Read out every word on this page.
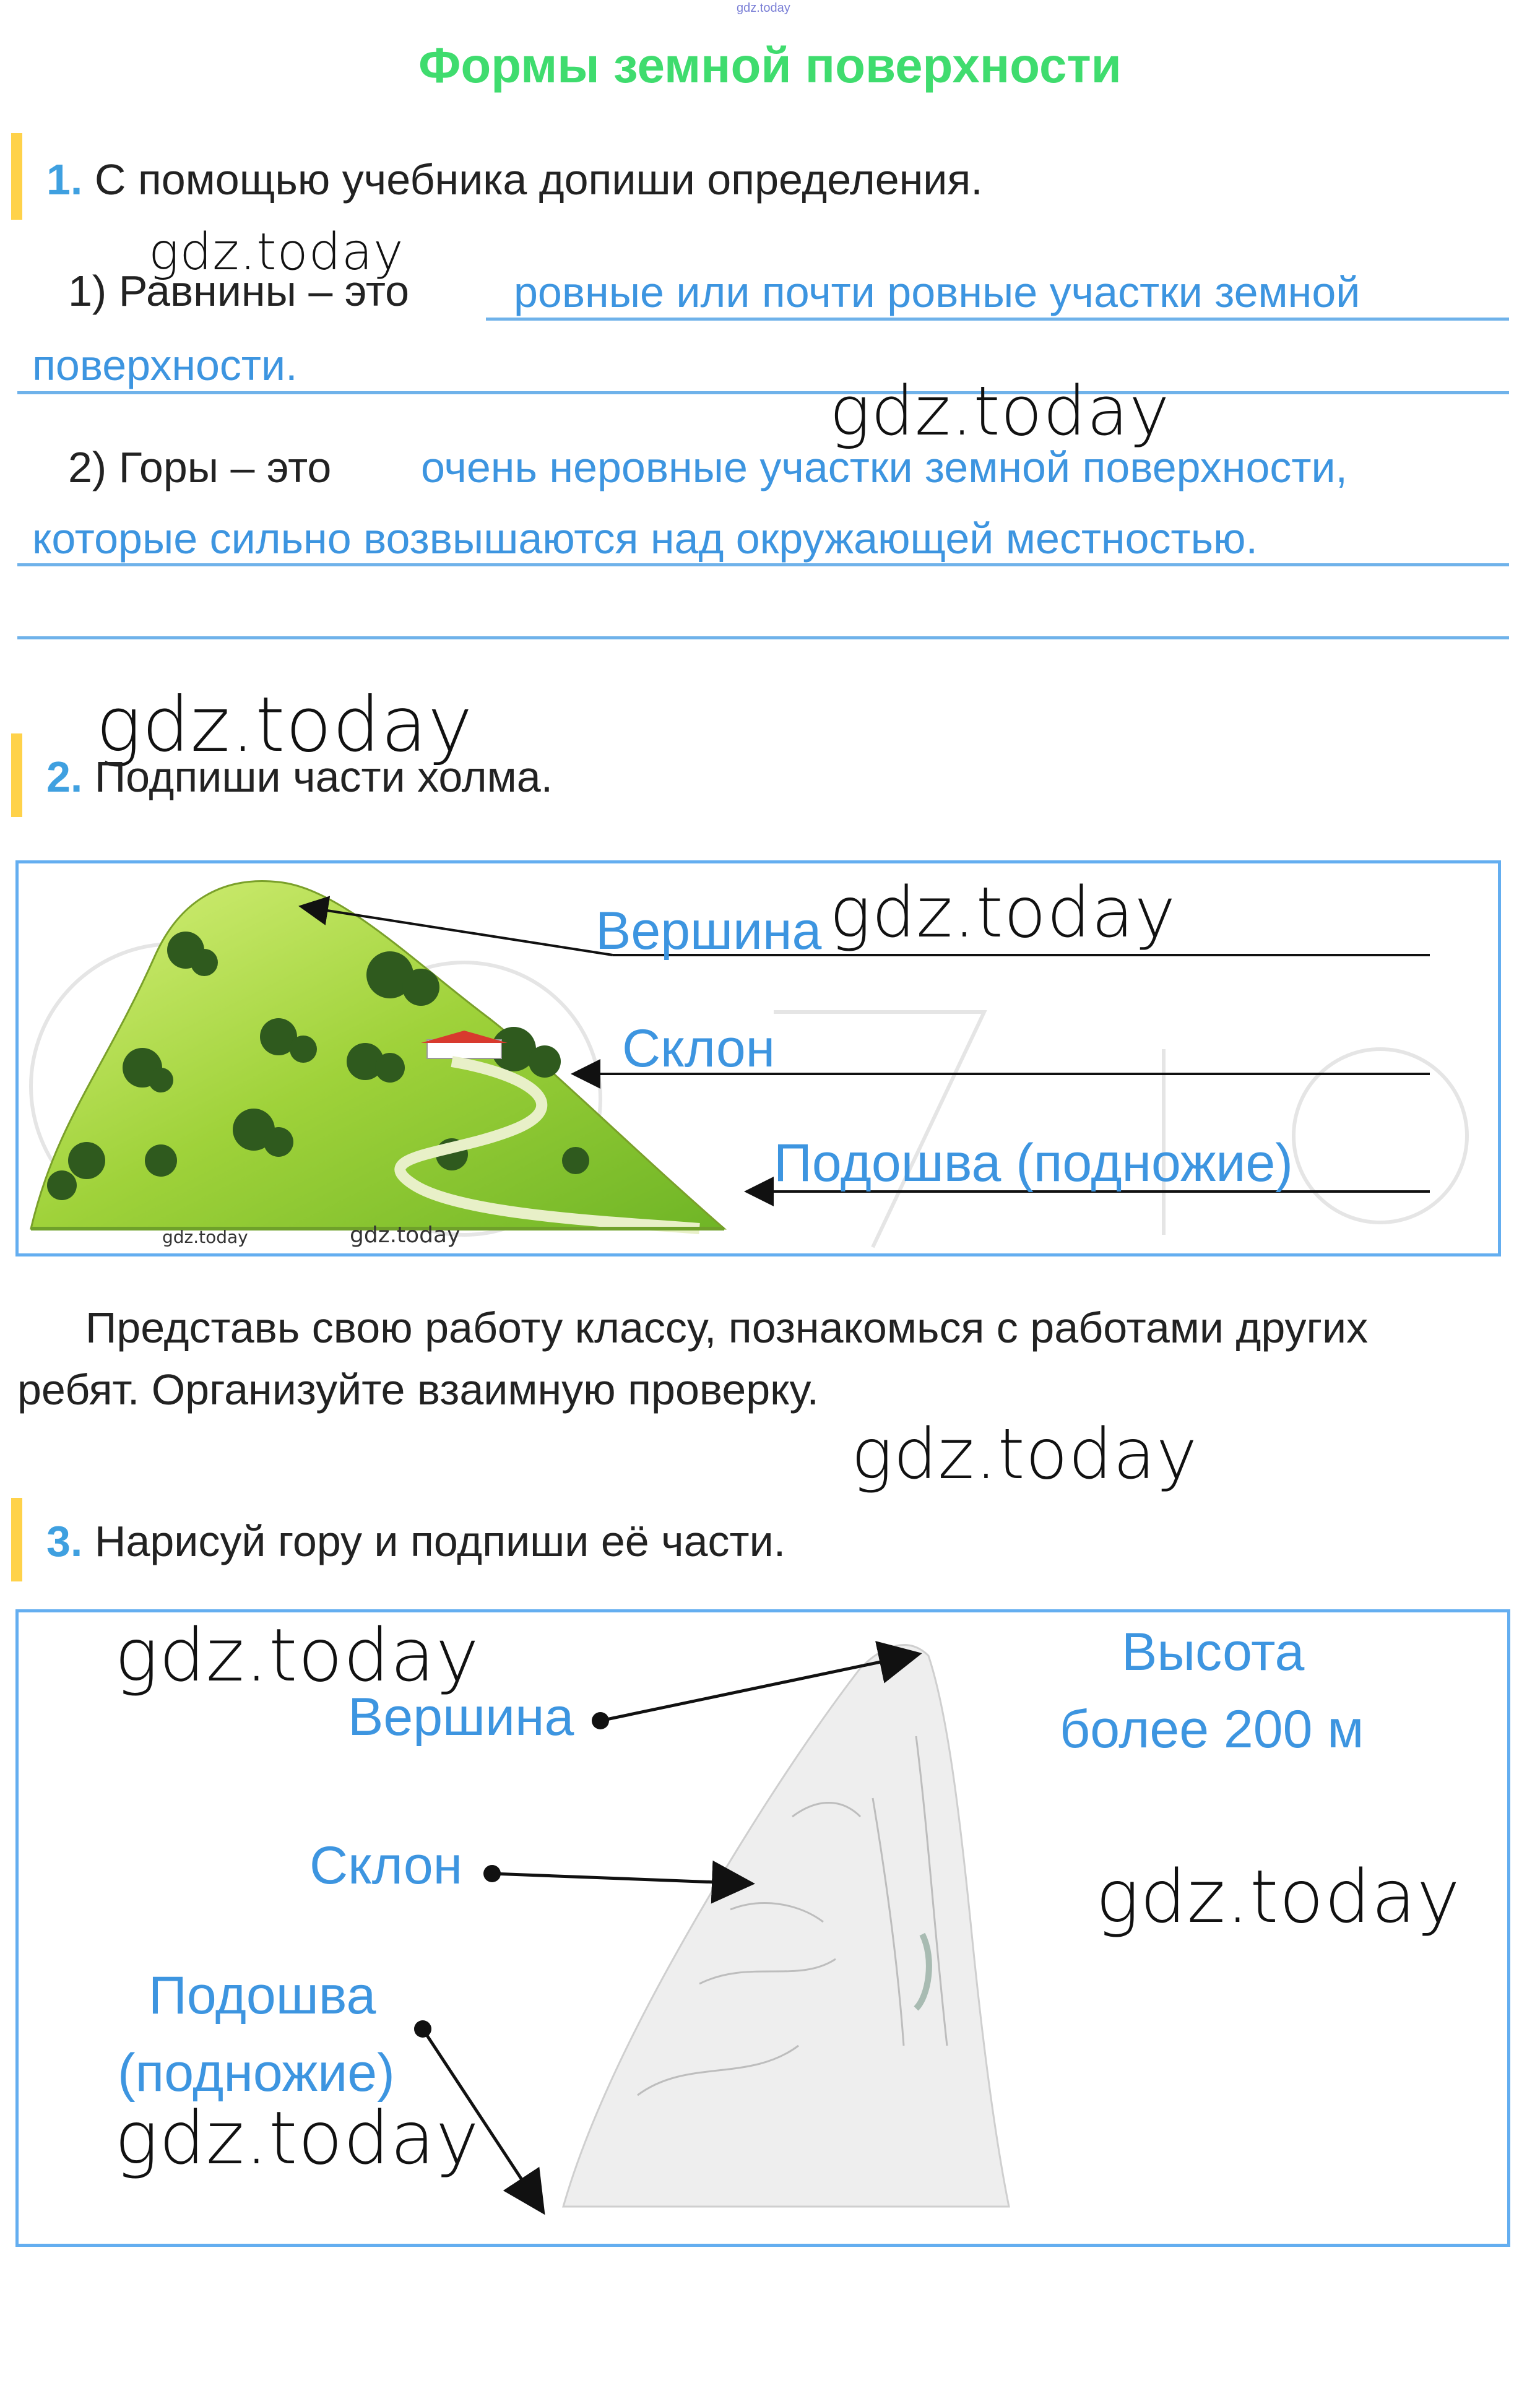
gdz.today
Формы земной поверхности
1. С помощью учебника допиши определения.
gdz.today
1) Равнины – это ровные или почти ровные участки земной
поверхности.
gdz.today
2) Горы – это очень неровные участки земной поверхности,
которые сильно возвышаются над окружающей местностью.
gdz.today
2. Подпиши части холма.
Вершина gdz.today
Склон
Подошва (подножие)
gdz.today	gdz.today
Представь свою работу классу, познакомься с работами других
ребят. Организуйте взаимную проверку.
gdz.today
3. Нарисуй гору и подпиши её части.
gdz.today
Вершина
Высота
более 200 м
Склон	gdz.today
Подошва
(подножие)
gdz.today
